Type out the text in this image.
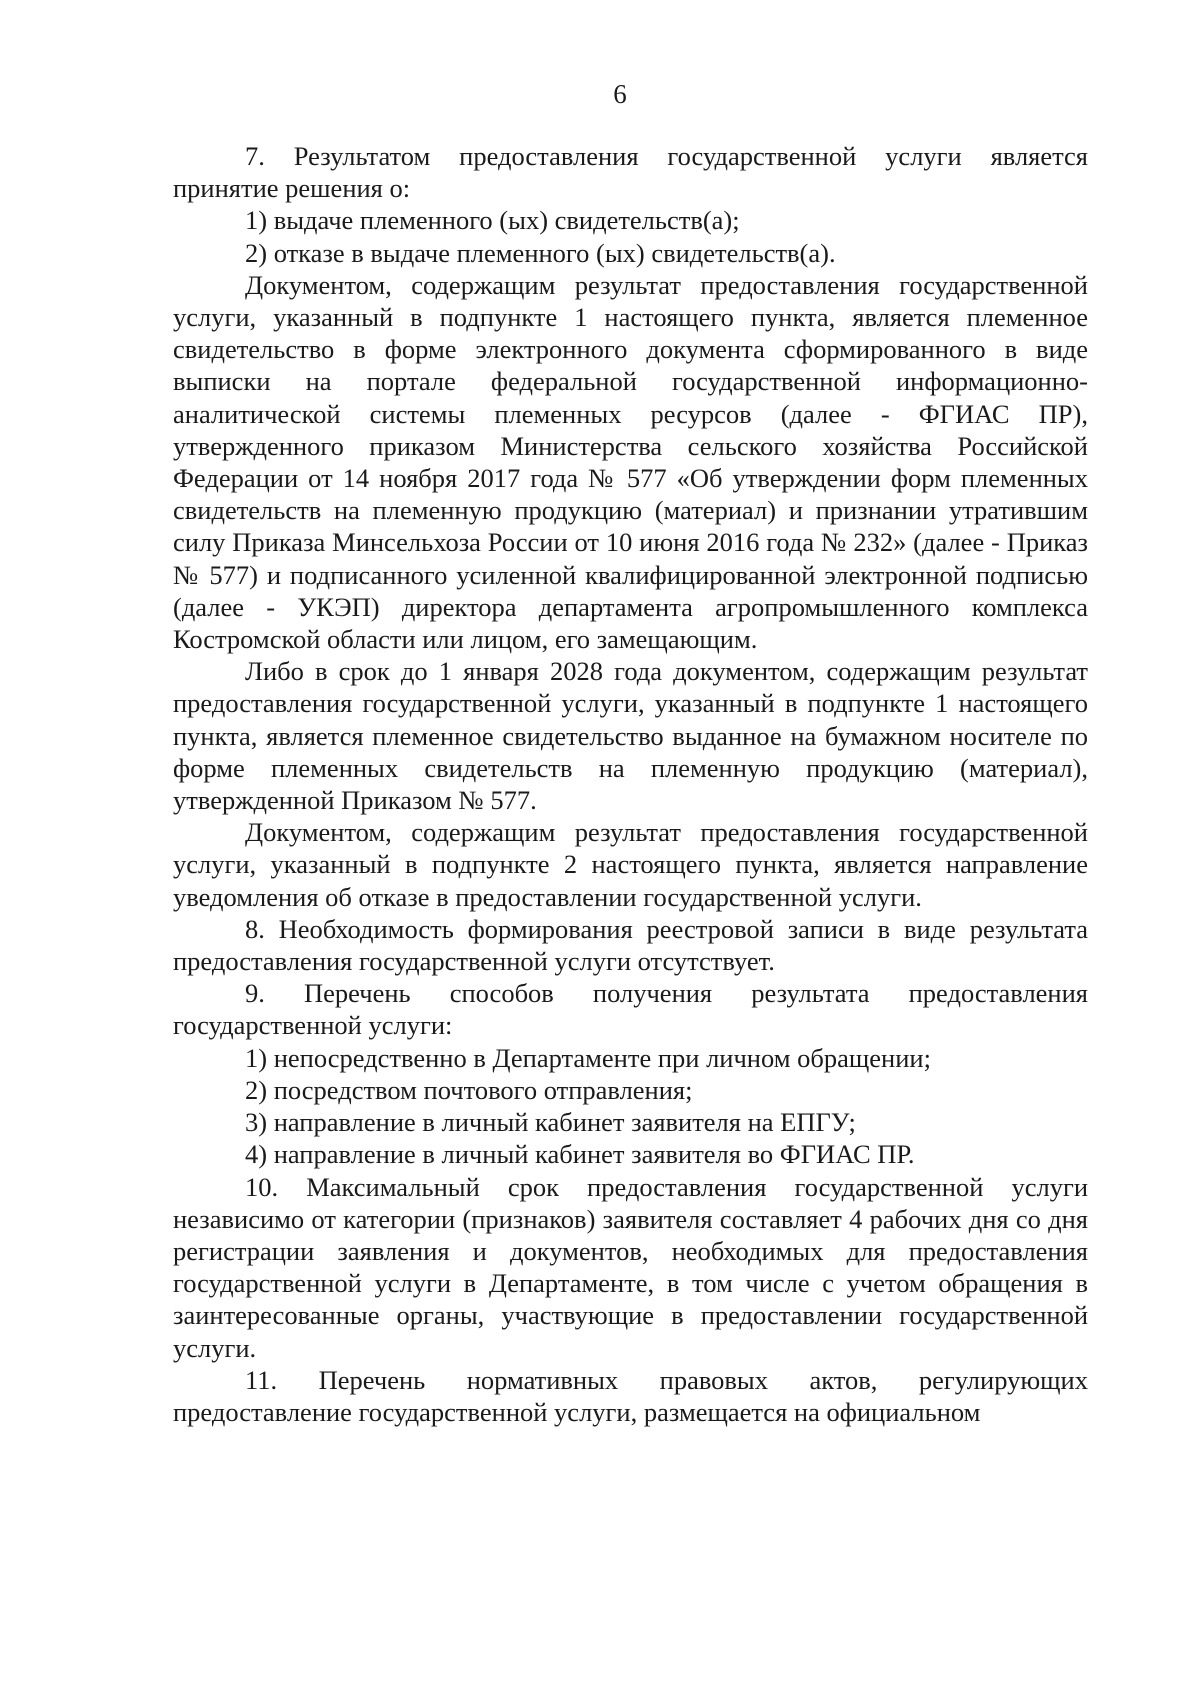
6

7. Результатом предоставления государственной услуги является принятие решения о:

1) выдаче племенного (ых) свидетельств(а);

2) отказе в выдаче племенного (ых) свидетельств(а).

Документом, содержащим результат предоставления государственной услуги, указанный в подпункте 1 настоящего пункта, является племенное свидетельство в форме электронного документа сформированного в виде выписки на портале федеральной государственной информационно-аналитической системы племенных ресурсов (далее - ФГИАС ПР), утвержденного приказом Министерства сельского хозяйства Российской Федерации от 14 ноября 2017 года № 577 «Об утверждении форм племенных свидетельств на племенную продукцию (материал) и признании утратившим силу Приказа Минсельхоза России от 10 июня 2016 года № 232» (далее - Приказ № 577) и подписанного усиленной квалифицированной электронной подписью (далее - УКЭП) директора департамента агропромышленного комплекса Костромской области или лицом, его замещающим.

Либо в срок до 1 января 2028 года документом, содержащим результат предоставления государственной услуги, указанный в подпункте 1 настоящего пункта, является племенное свидетельство выданное на бумажном носителе по форме племенных свидетельств на племенную продукцию (материал), утвержденной Приказом № 577.

Документом, содержащим результат предоставления государственной услуги, указанный в подпункте 2 настоящего пункта, является направление уведомления об отказе в предоставлении государственной услуги.

8. Необходимость формирования реестровой записи в виде результата предоставления государственной услуги отсутствует.

9. Перечень способов получения результата предоставления государственной услуги:

1) непосредственно в Департаменте при личном обращении;

2) посредством почтового отправления;

3) направление в личный кабинет заявителя на ЕПГУ;

4) направление в личный кабинет заявителя во ФГИАС ПР.

10. Максимальный срок предоставления государственной услуги независимо от категории (признаков) заявителя составляет 4 рабочих дня со дня регистрации заявления и документов, необходимых для предоставления государственной услуги в Департаменте, в том числе с учетом обращения в заинтересованные органы, участвующие в предоставлении государственной услуги.

11. Перечень нормативных правовых актов, регулирующих предоставление государственной услуги, размещается на официальном
